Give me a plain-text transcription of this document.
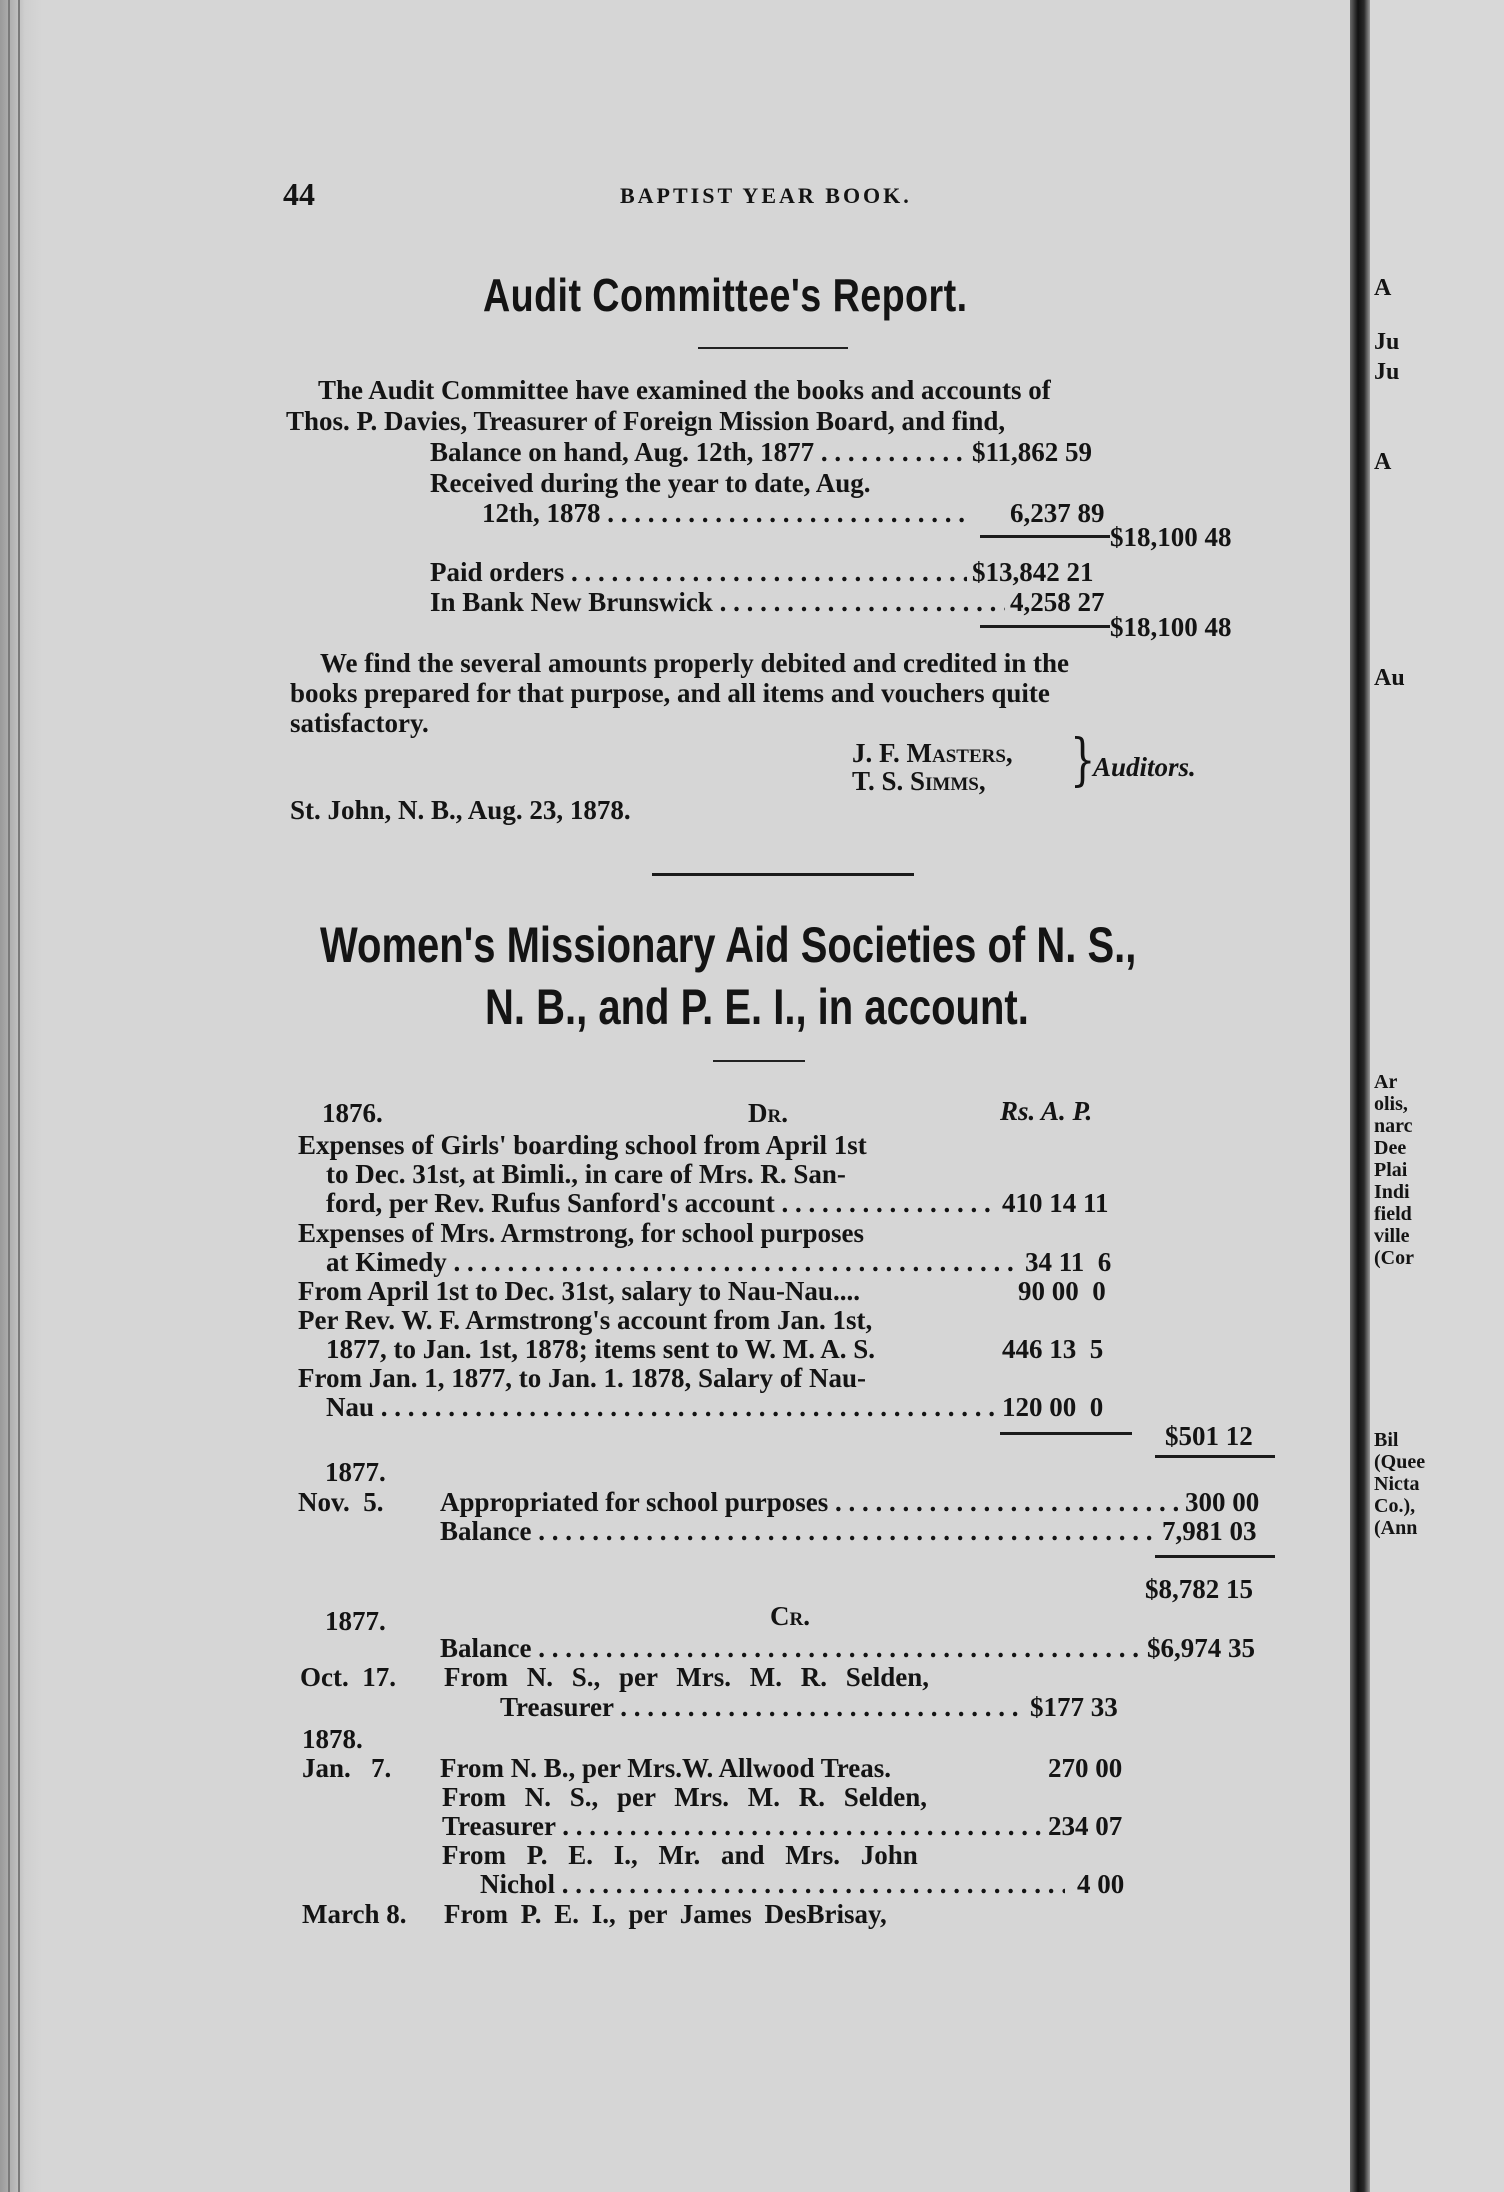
44	BAPTIST YEAR BOOK.
Audit Committee's Report.
The Audit Committee have examined the books and accounts of
Thos. P. Davies, Treasurer of Foreign Mission Board, and find,
Balance on hand, Aug. 12th, 1877 . . .	$11,862 59
Received during the year to date, Aug.
12th, 1878 . . .	6,237 89
$18,100 48
Paid orders . . .	$13,842 21
In Bank New Brunswick . . .	4,258 27
$18,100 48
We find the several amounts properly debited and credited in the
books prepared for that purpose, and all items and vouchers quite
satisfactory.
J. F. Masters,
T. S. Simms, }
Auditors.
St. John, N. B., Aug. 23, 1878.
Women's Missionary Aid Societies of N. S.,
N. B., and P. E. I., in account.
1876.	Dr.	Rs. A. P.
Expenses of Girls' boarding school from April 1st
to Dec. 31st, at Bimli., in care of Mrs. R. San-
ford, per Rev. Rufus Sanford's account . . .	410 14 11
Expenses of Mrs. Armstrong, for school purposes
at Kimedy . . .	34 11  6
From April 1st to Dec. 31st, salary to Nau-Nau....	90 00  0
Per Rev. W. F. Armstrong's account from Jan. 1st,
1877, to Jan. 1st, 1878; items sent to W. M. A. S.	446 13  5
From Jan. 1, 1877, to Jan. 1. 1878, Salary of Nau-
Nau . . .	120 00  0
$501 12
1877.
Nov.  5. Appropriated for school purposes . . .	300 00
Balance . . .	7,981 03
$8,782 15
1877.	Cr.
Balance . . .	$6,974 35
Oct.  17. From N. S., per Mrs. M. R. Selden,
Treasurer . . .	$177 33
1878.
Jan.   7. From N. B., per Mrs.W. Allwood Treas.	270 00
From N. S., per Mrs. M. R. Selden,
Treasurer . . .	234 07
From P. E. I., Mr. and Mrs. John
Nichol . . .	4 00
March 8. From P. E. I., per James DesBrisay,
A
Ju
Ju
A
Au
Ar
olis,
narc
Dee
Plai
Indi
field
ville
(Cor
Bil
(Quee
Nicta
Co.),
(Ann
